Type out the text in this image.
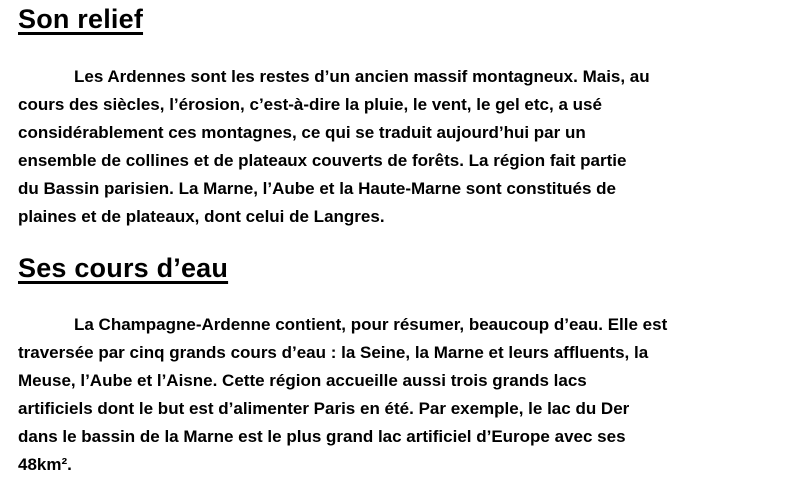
Son relief
Les Ardennes sont les restes d’un ancien massif montagneux. Mais, au
cours des siècles, l’érosion, c’est-à-dire la pluie, le vent, le gel etc, a usé
considérablement ces montagnes, ce qui se traduit aujourd’hui par un
ensemble de collines et de plateaux couverts de forêts. La région fait partie
du Bassin parisien. La Marne, l’Aube et la Haute-Marne sont constitués de
plaines et de plateaux, dont celui de Langres.
Ses cours d’eau
La Champagne-Ardenne contient, pour résumer, beaucoup d’eau. Elle est
traversée par cinq grands cours d’eau : la Seine, la Marne et leurs affluents, la
Meuse, l’Aube et l’Aisne. Cette région accueille aussi trois grands lacs
artificiels dont le but est d’alimenter Paris en été. Par exemple, le lac du Der
dans le bassin de la Marne est le plus grand lac artificiel d’Europe avec ses
48km².
